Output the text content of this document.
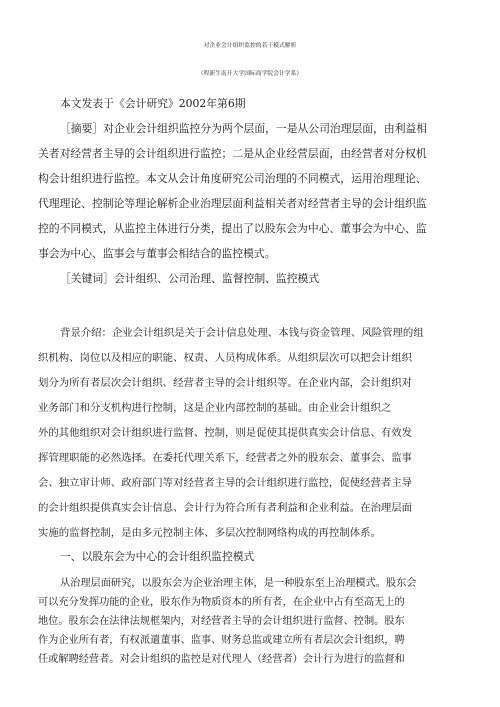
对企业会计组织监控的若干模式解析

（程新生南开大学国际商学院会计学系）

本文发表于《会计研究》2002年第6期

［摘要］对企业会计组织监控分为两个层面，一是从公司治理层面，由利益相

关者对经营者主导的会计组织进行监控；二是从企业经营层面，由经营者对分权机

构会计组织进行监控。本文从会计角度研究公司治理的不同模式，运用治理理论、

代理理论、控制论等理论解析企业治理层面利益相关者对经营者主导的会计组织监

控的不同模式，从监控主体进行分类，提出了以股东会为中心、董事会为中心、监

事会为中心、监事会与董事会相结合的监控模式。

［关键词］会计组织、公司治理、监督控制、监控模式

背景介绍：企业会计组织是关于会计信息处理、本钱与资金管理、风险管理的组

织机构、岗位以及相应的职能、权责、人员构成体系。从组织层次可以把会计组织

划分为所有者层次会计组织、经营者主导的会计组织等。在企业内部，会计组织对

业务部门和分支机构进行控制，这是企业内部控制的基础。由企业会计组织之

外的其他组织对会计组织进行监督、控制，则是促使其提供真实会计信息、有效发

挥管理职能的必然选择。在委托代理关系下，经营者之外的股东会、董事会、监事

会、独立审计师、政府部门等对经营者主导的会计组织进行监控，促使经营者主导

的会计组织提供真实会计信息、会计行为符合所有者利益和企业利益。在治理层面

实施的监督控制，是由多元控制主体、多层次控制网络构成的再控制体系。

一、以股东会为中心的会计组织监控模式

从治理层面研究，以股东会为企业治理主体，是一种股东至上治理模式。股东会

可以充分发挥功能的企业，股东作为物质资本的所有者，在企业中占有至高无上的

地位。股东会在法律法规框架内，对经营者主导的会计组织进行监督、控制。股东

作为企业所有者，有权派遣董事、监事、财务总监或建立所有者层次会计组织，聘

任或解聘经营者。对会计组织的监控是对代理人（经营者）会计行为进行的监督和
